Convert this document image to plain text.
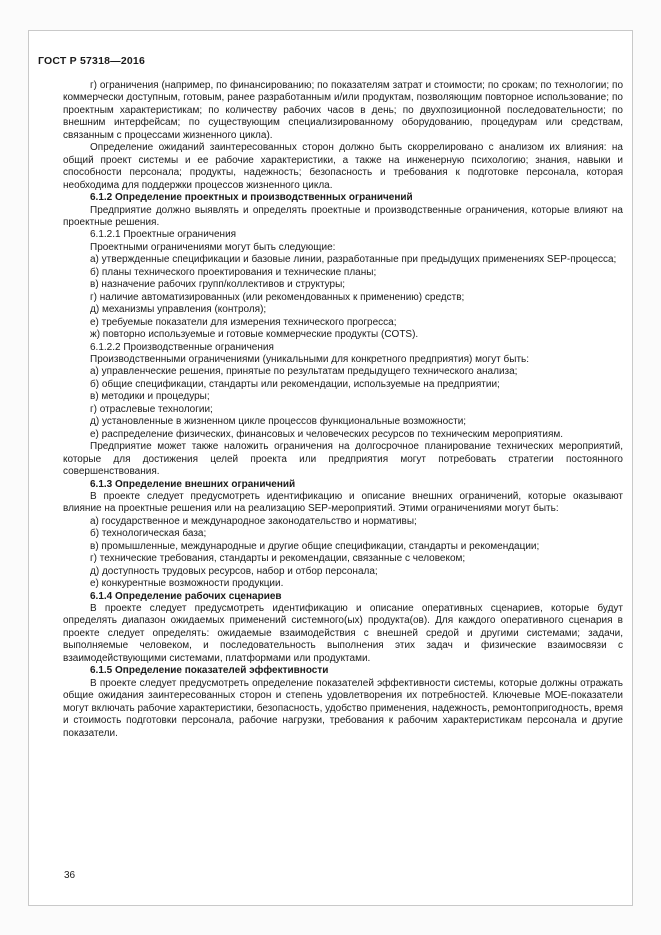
ГОСТ Р 57318—2016

г) ограничения (например, по финансированию; по показателям затрат и стоимости; по срокам; по технологии; по коммерчески доступным, готовым, ранее разработанным и/или продуктам, позволяющим повторное использование; по проектным характеристикам; по количеству рабочих часов в день; по двухпозиционной последовательности; по внешним интерфейсам; по существующим специализированному оборудованию, процедурам или средствам, связанным с процессами жизненного цикла).

Определение ожиданий заинтересованных сторон должно быть скоррелировано с анализом их влияния: на общий проект системы и ее рабочие характеристики, а также на инженерную психологию; знания, навыки и способности персонала; продукты, надежность; безопасность и требования к подготовке персонала, которая необходима для поддержки процессов жизненного цикла.

6.1.2 Определение проектных и производственных ограничений

Предприятие должно выявлять и определять проектные и производственные ограничения, которые влияют на проектные решения.

6.1.2.1 Проектные ограничения

Проектными ограничениями могут быть следующие:

а) утвержденные спецификации и базовые линии, разработанные при предыдущих применениях SEP-процесса;

б) планы технического проектирования и технические планы;

в) назначение рабочих групп/коллективов и структуры;

г) наличие автоматизированных (или рекомендованных к применению) средств;

д) механизмы управления (контроля);

е) требуемые показатели для измерения технического прогресса;

ж) повторно используемые и готовые коммерческие продукты (COTS).

6.1.2.2 Производственные ограничения

Производственными ограничениями (уникальными для конкретного предприятия) могут быть:

а) управленческие решения, принятые по результатам предыдущего технического анализа;

б) общие спецификации, стандарты или рекомендации, используемые на предприятии;

в) методики и процедуры;

г) отраслевые технологии;

д) установленные в жизненном цикле процессов функциональные возможности;

е) распределение физических, финансовых и человеческих ресурсов по техническим мероприятиям.

Предприятие может также наложить ограничения на долгосрочное планирование технических мероприятий, которые для достижения целей проекта или предприятия могут потребовать стратегии постоянного совершенствования.

6.1.3 Определение внешних ограничений

В проекте следует предусмотреть идентификацию и описание внешних ограничений, которые оказывают влияние на проектные решения или на реализацию SEP-мероприятий. Этими ограничениями могут быть:

а) государственное и международное законодательство и нормативы;

б) технологическая база;

в) промышленные, международные и другие общие спецификации, стандарты и рекомендации;

г) технические требования, стандарты и рекомендации, связанные с человеком;

д) доступность трудовых ресурсов, набор и отбор персонала;

е) конкурентные возможности продукции.

6.1.4 Определение рабочих сценариев

В проекте следует предусмотреть идентификацию и описание оперативных сценариев, которые будут определять диапазон ожидаемых применений системного(ых) продукта(ов). Для каждого оперативного сценария в проекте следует определять: ожидаемые взаимодействия с внешней средой и другими системами; задачи, выполняемые человеком, и последовательность выполнения этих задач и физические взаимосвязи с взаимодействующими системами, платформами или продуктами.

6.1.5 Определение показателей эффективности

В проекте следует предусмотреть определение показателей эффективности системы, которые должны отражать общие ожидания заинтересованных сторон и степень удовлетворения их потребностей. Ключевые MOE-показатели могут включать рабочие характеристики, безопасность, удобство применения, надежность, ремонтопригодность, время и стоимость подготовки персонала, рабочие нагрузки, требования к рабочим характеристикам персонала и другие показатели.

36
